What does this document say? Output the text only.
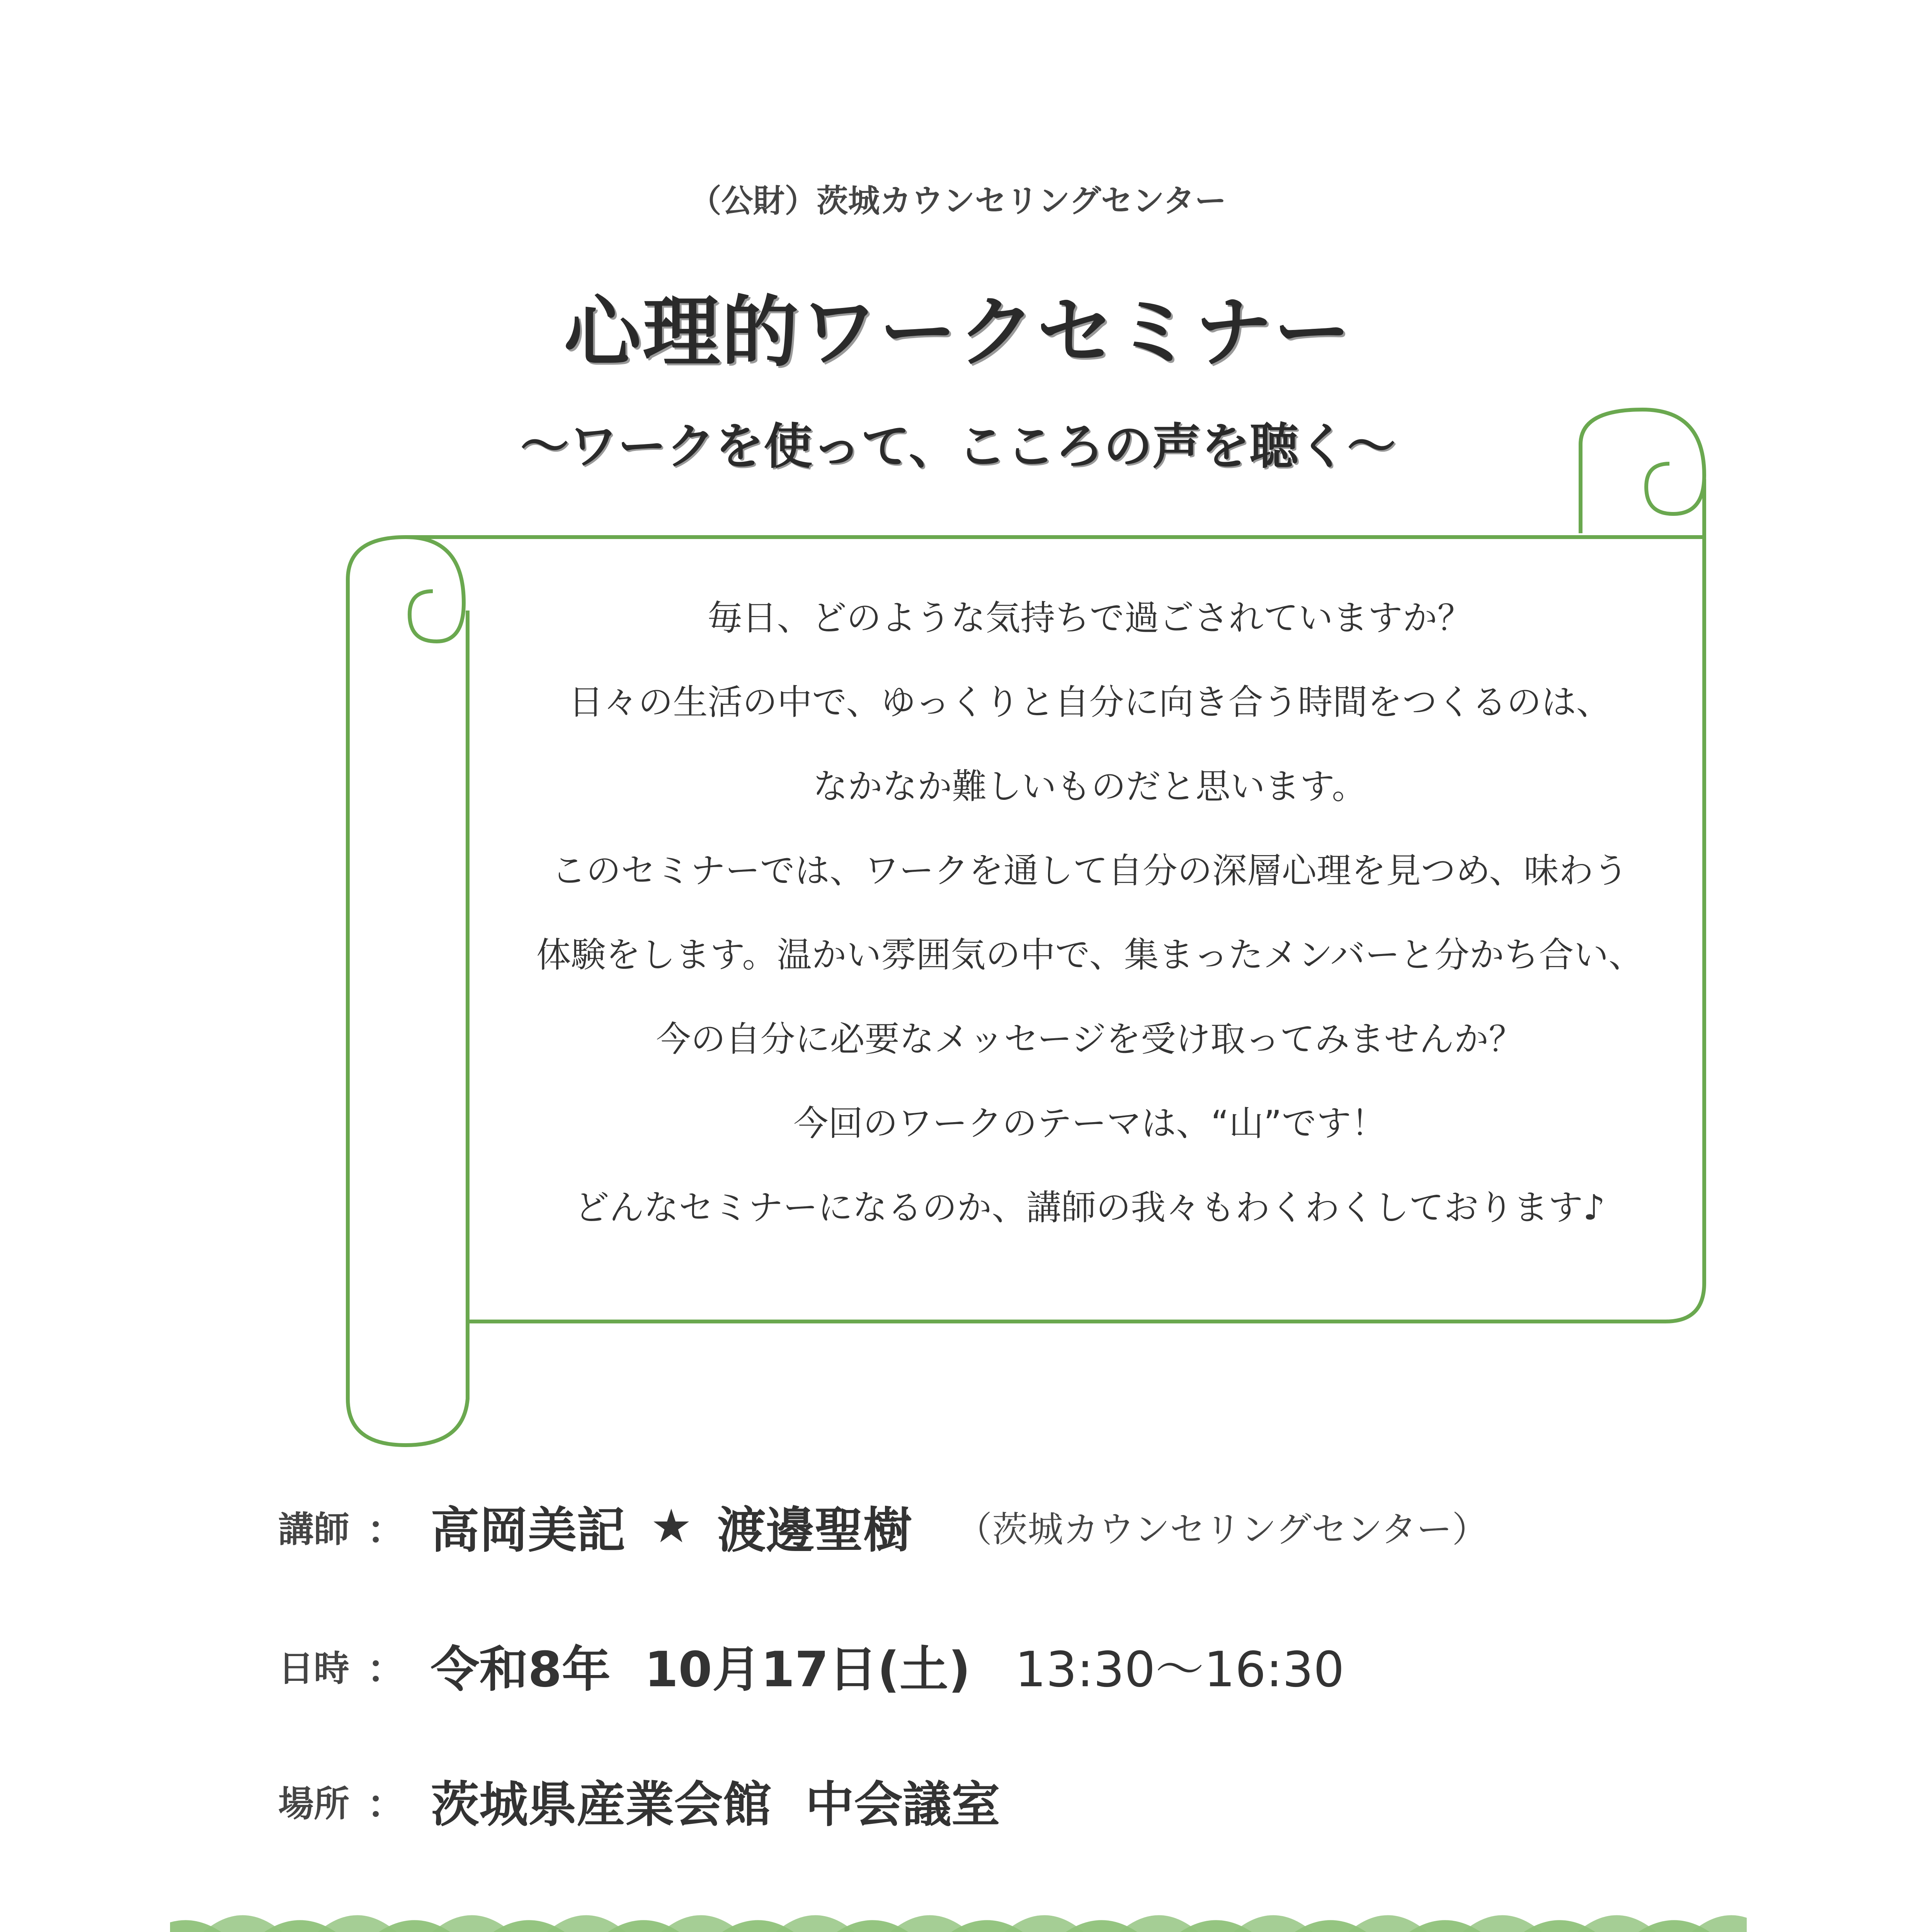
（公財）茨城カウンセリングセンター
心理的ワークセミナー
～ワークを使って、こころの声を聴く～
毎日、どのような気持ちで過ごされていますか？
日々の生活の中で、ゆっくりと自分に向き合う時間をつくるのは、
なかなか難しいものだと思います。
このセミナーでは、ワークを通して自分の深層心理を見つめ、味わう
体験をします。温かい雰囲気の中で、集まったメンバーと分かち合い、
今の自分に必要なメッセージを受け取ってみませんか？
今回のワークのテーマは、“山”です！
どんなセミナーになるのか、講師の我々もわくわくしております♪
講師 ： 高岡美記 ★ 渡邊聖樹 （茨城カウンセリングセンター）
日時 ： 令和8年  10月17日(土) 13:30～16:30
場所 ： 茨城県産業会館  中会議室
